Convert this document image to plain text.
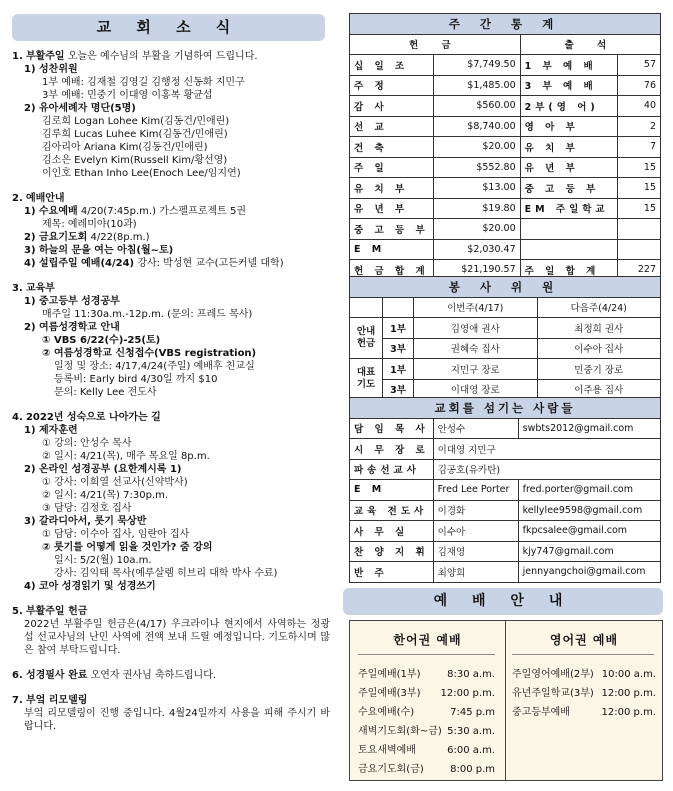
교 회 소 식
1. 부활주일 오늘은 예수님의 부활을 기념하여 드립니다.
1) 성찬위원
1부 예배: 김재철 김영길 김행정 신동화 지민구
3부 예배: 민중기 이대영 이홍복 황균섭
2) 유아세례자 명단(5명)
김로희 Logan Lohee Kim(김동건/민애린)
김루희 Lucas Luhee Kim(김동건/민애린)
김아리아 Ariana Kim(김동건/민애린)
김소은 Evelyn Kim(Russell Kim/황선영)
이인호 Ethan Inho Lee(Enoch Lee/임지연)
2. 예배안내
1) 수요예배 4/20(7:45p.m.) 가스펠프로젝트 5권
제목: 예레미야(10과)
2) 금요기도회 4/22(8p.m.)
3) 하늘의 문을 여는 아침(월~토)
4) 설립주일 예배(4/24) 강사: 박성현 교수(고든커넬 대학)
3. 교육부
1) 중고등부 성경공부
매주일 11:30a.m.-12p.m. (문의: 프레드 목사)
2) 여름성경학교 안내
① VBS 6/22(수)-25(토)
② 여름성경학교 신청접수(VBS registration)
일정 및 장소: 4/17,4/24(주일) 예배후 친교실
등록비: Early bird 4/30일 까지 $10
문의: Kelly Lee 전도사
4. 2022년 성숙으로 나아가는 길
1) 제자훈련
① 강의: 안성수 목사
② 일시: 4/21(목), 매주 목요일 8p.m.
2) 온라인 성경공부 (요한계시록 1)
① 강사: 이희열 선교사(신약박사)
② 일시: 4/21(목) 7:30p.m.
③ 담당: 김정호 집사
3) 갈라디아서, 룻기 묵상반
① 담당: 이수아 집사, 임란아 집사
② 룻기를 어떻게 읽을 것인가? 줌 강의
일시: 5/2(월) 10a.m.
강사: 김익태 목사(예루살렘 히브리 대학 박사 수료)
4) 코아 성경읽기 및 성경쓰기
5. 부활주일 헌금
2022년 부활주일 헌금은(4/17) 우크라이나 현지에서 사역하는 정광섭 선교사님의 난민 사역에 전액 보내 드릴 예정입니다. 기도하시며 많은 참여 부탁드립니다.
6. 성경필사 완료 오연자 권사님 축하드립니다.
7. 부엌 리모델링
부엌 리모델링이 진행 중입니다. 4월24일까지 사용을 피해 주시기 바랍니다.
주 간 통 계			
헌 금		출 석	
십 일 조	$7,749.50	1 부 예 배	57
주 정	$1,485.00	3 부 예 배	76
감 사	$560.00	2부(영 어)	40
선 교	$8,740.00	영 아 부	2
건 축	$20.00	유 치 부	7
주 일	$552.80	유 년 부	15
유 치 부	$13.00	중 고 등 부	15
유 년 부	$19.80	EM 주일학교	15
중 고 등 부	$20.00		
E M	$2,030.47		
헌 금 합 계	$21,190.57	주 일 합 계	227
봉 사 위 원			
		이번주(4/17)	다음주(4/24)
안내 헌금	1부	김영애 권사	최정희 권사
	3부	권혜숙 집사	이수아 집사
대표 기도	1부	지민구 장로	민중기 장로
	3부	이대영 장로	이주용 집사
교회를 섬기는 사람들		
담 임 목 사	안성수	swbts2012@gmail.com
시 무 장 로	이대영 지민구	
파송선교사	김공호(유카탄)	
E M	Fred Lee Porter	fred.porter@gmail.com
교육 전도사	이경화	kellylee9598@gmail.com
사 무 실	이수아	fkpcsalee@gmail.com
찬 양 지 휘	김재영	kjy747@gmail.com
반 주	최양희	jennyangchoi@gmail.com
예 배 안 내
한어권 예배
주일예배(1부)	8:30 a.m.
주일예배(3부) 12:00 p.m.
수요예배(수)	7:45 p.m
새벽기도회(화~금) 5:30 a.m.
토요새벽예배	6:00 a.m.
금요기도회(금)	8:00 p.m
영어권 예배
주일영어예배(2부) 10:00 a.m.
유년주일학교(3부) 12:00 p.m.
중고등부예배	12:00 p.m.
